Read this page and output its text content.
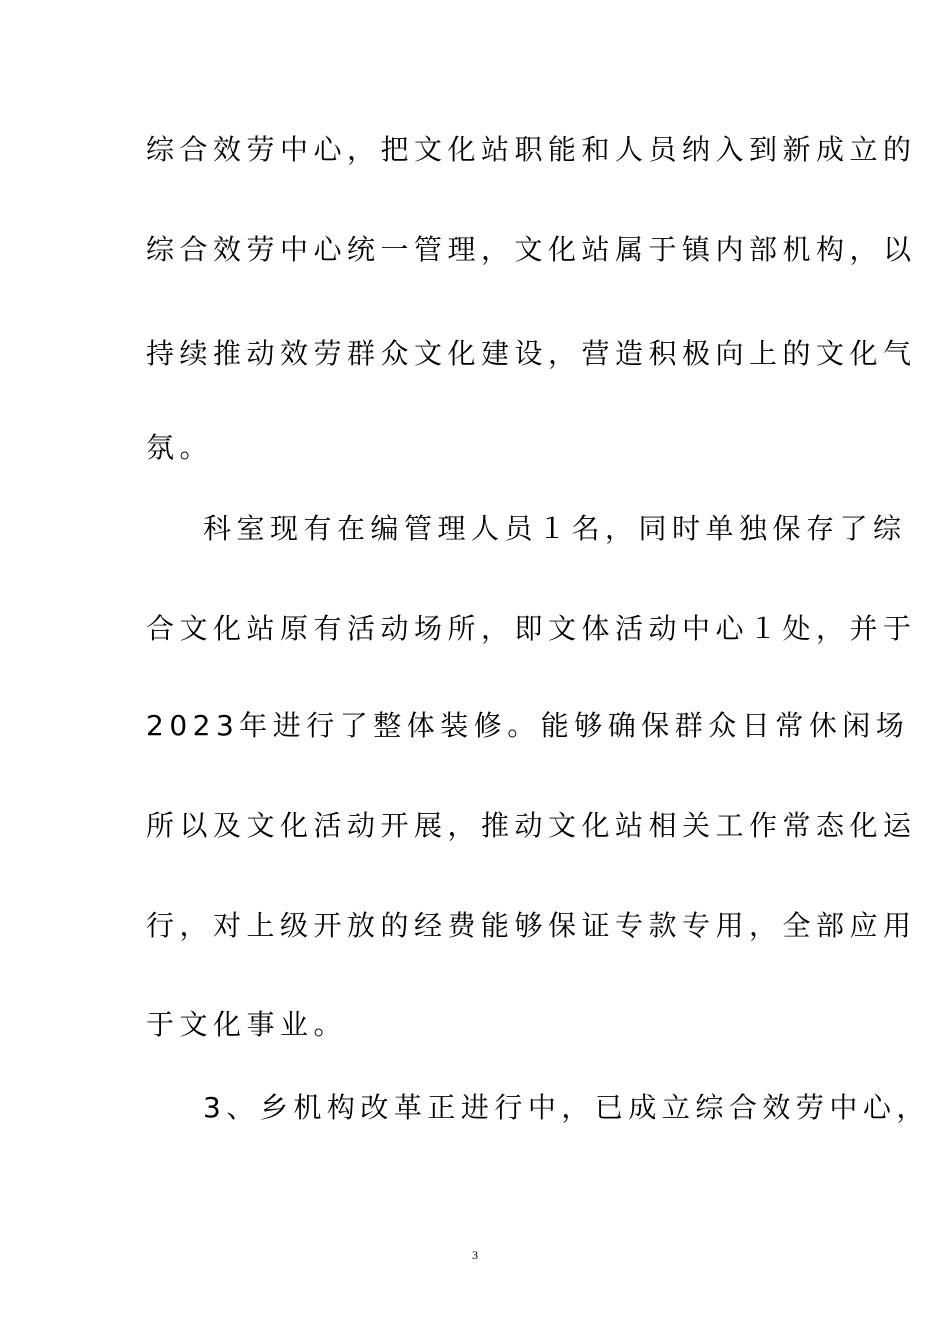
综合效劳中心，把文化站职能和人员纳入到新成立的
综合效劳中心统一管理，文化站属于镇内部机构，以
持续推动效劳群众文化建设，营造积极向上的文化气
氛。
科室现有在编管理人员１名，同时单独保存了综
合文化站原有活动场所，即文体活动中心１处，并于
2023年进行了整体装修。能够确保群众日常休闲场
所以及文化活动开展，推动文化站相关工作常态化运
行，对上级开放的经费能够保证专款专用，全部应用
于文化事业。
3、乡机构改革正进行中，已成立综合效劳中心，
3
